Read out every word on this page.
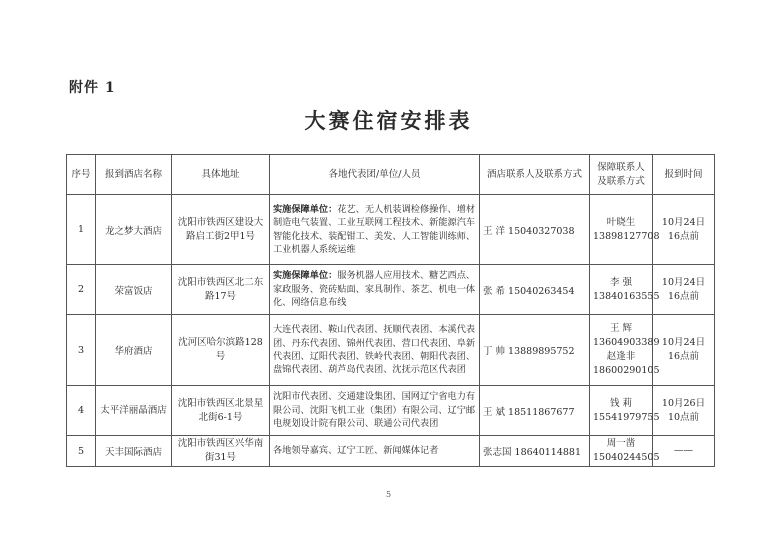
附件 1
大赛住宿安排表
序号	报到酒店名称	具体地址	各地代表团/单位/人员	酒店联系人及联系方式	保障联系人
及联系方式	报到时间
1	龙之梦大酒店	沈阳市铁西区建设大
路启工街2甲1号	实施保障单位：花艺、无人机装调检修操作、增材制造电气装置、工业互联网工程技术、新能源汽车智能化技术、装配钳工、美发、人工智能训练师、工业机器人系统运维	王 洋 15040327038	叶晓生
13898127708	10月24日
16点前

2	荣富饭店	沈阳市铁西区北二东
路17号	实施保障单位：服务机器人应用技术、糖艺西点、家政服务、瓷砖贴面、家具制作、茶艺、机电一体化、网络信息布线	张 希 15040263454	李 强
13840163555	10月24日
16点前

3	华府酒店	沈河区哈尔滨路128号	大连代表团、鞍山代表团、抚顺代表团、本溪代表团、丹东代表团、锦州代表团、营口代表团、阜新代表团、辽阳代表团、铁岭代表团、朝阳代表团、盘锦代表团、葫芦岛代表团、沈抚示范区代表团	丁 帅 13889895752	王 辉
13604903389
赵逢非
18600290105	10月24日
16点前

4	太平洋丽晶酒店	沈阳市铁西区北景星
北街6-1号	沈阳市代表团、交通建设集团、国网辽宁省电力有限公司、沈阳飞机工业（集团）有限公司、辽宁邮电规划设计院有限公司、联通公司代表团	王 斌 18511867677	钱 莉
15541979755	10月26日
10点前

5	天丰国际酒店	沈阳市铁西区兴华南
街31号	各地领导嘉宾、辽宁工匠、新闻媒体记者	张志国 18640114881	周一凿
15040244505	——
5
